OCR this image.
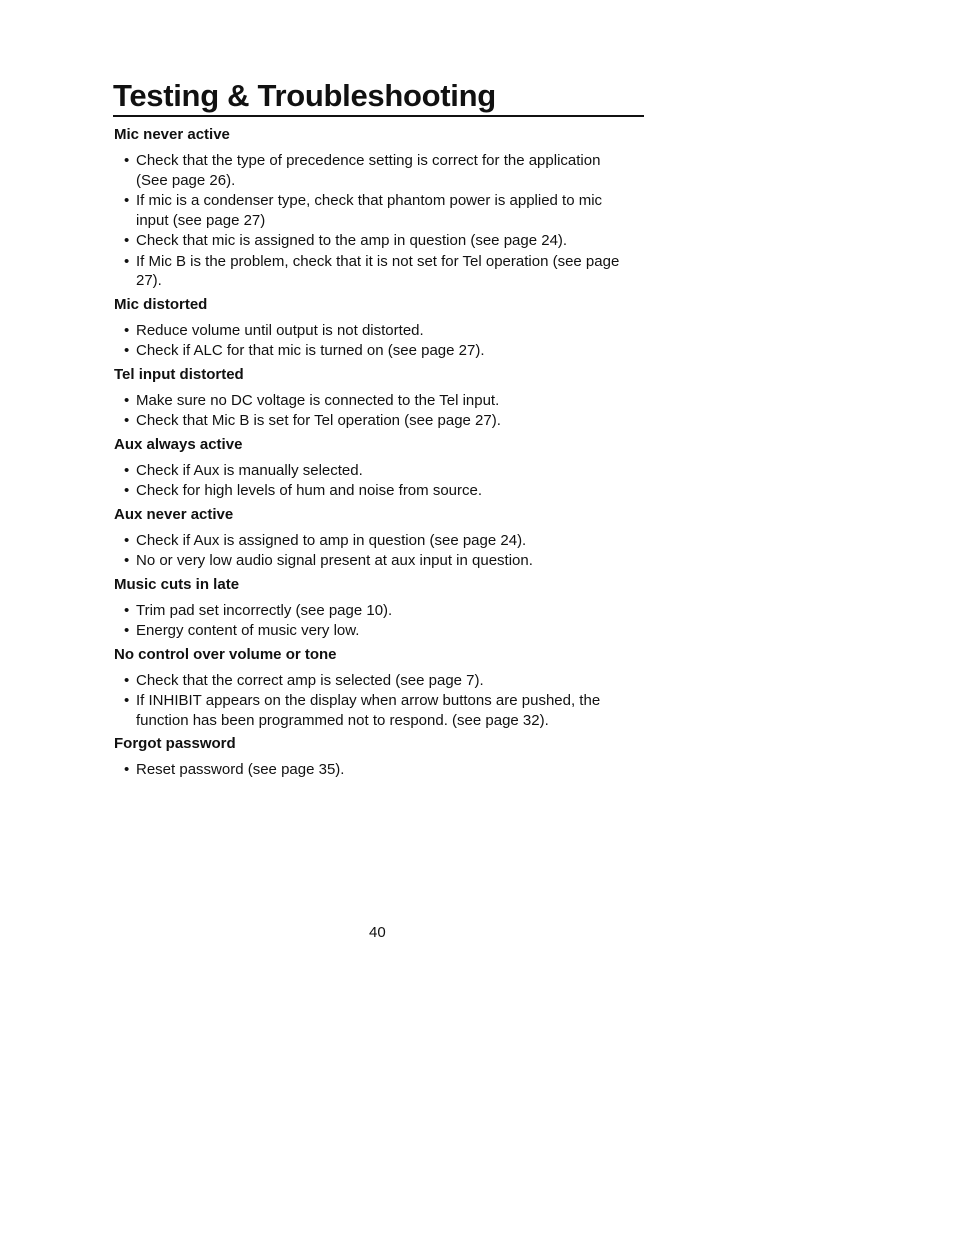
Testing & Troubleshooting
Mic never active
• Check that the type of precedence setting is correct for the application (See page 26).
• If mic is a condenser type, check that phantom power is applied to mic input (see page 27)
• Check that mic is assigned to the amp in question (see page 24).
• If Mic B is the problem, check that it is not set for Tel operation (see page 27).
Mic distorted
• Reduce volume until output is not distorted.
• Check if ALC for that mic is turned on (see page 27).
Tel input distorted
• Make sure no DC voltage is connected to the Tel input.
• Check that Mic B is set for Tel operation (see page 27).
Aux always active
• Check if Aux is manually selected.
• Check for high levels of hum and noise from source.
Aux never active
• Check if Aux is assigned to amp in question (see page 24).
• No or very low audio signal present at aux input in question.
Music cuts in late
• Trim pad set incorrectly (see page 10).
• Energy content of music very low.
No control over volume or tone
• Check that the correct amp is selected (see page 7).
• If INHIBIT appears on the display when arrow buttons are pushed, the function has been programmed not to respond. (see page 32).
Forgot password
• Reset password (see page 35).
40
